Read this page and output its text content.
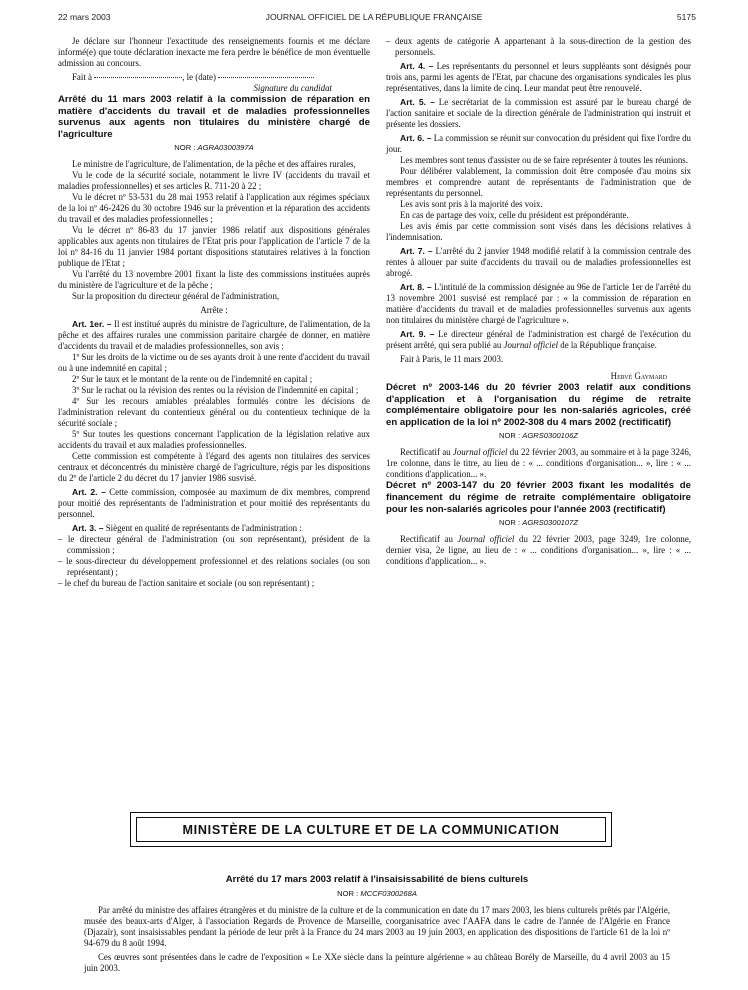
JOURNAL OFFICIEL DE LA RÉPUBLIQUE FRANÇAISE
22 mars 2003	5175

Je déclare sur l'honneur l'exactitude des renseignements fournis et me déclare informé(e) que toute déclaration inexacte me fera perdre le bénéfice de mon éventuelle admission au concours.

Fait à	, le (date)

Signature du candidat

Arrêté du 11 mars 2003 relatif à la commission de réparation en matière d'accidents du travail et de maladies professionnelles survenus aux agents non titulaires du ministère chargé de l'agriculture

NOR : AGRA0300397A

Le ministre de l'agriculture, de l'alimentation, de la pêche et des affaires rurales,

Vu le code de la sécurité sociale, notamment le livre IV (accidents du travail et maladies professionnelles) et ses articles R. 711-20 à 22 ;

Vu le décret nº 53-531 du 28 mai 1953 relatif à l'application aux régimes spéciaux de la loi nº 46-2426 du 30 octobre 1946 sur la prévention et la réparation des accidents du travail et des maladies professionnelles ;

Vu le décret nº 86-83 du 17 janvier 1986 relatif aux dispositions générales applicables aux agents non titulaires de l'Etat pris pour l'application de l'article 7 de la loi nº 84-16 du 11 janvier 1984 portant dispositions statutaires relatives à la fonction publique de l'Etat ;

Vu l'arrêté du 13 novembre 2001 fixant la liste des commissions instituées auprès du ministère de l'agriculture et de la pêche ;

Sur la proposition du directeur général de l'administration,

Arrête :

Art. 1er. – Il est institué auprès du ministre de l'agriculture, de l'alimentation, de la pêche et des affaires rurales une commission paritaire chargée de donner, en matière d'accidents du travail et de maladies professionnelles, son avis :

1º Sur les droits de la victime ou de ses ayants droit à une rente d'accident du travail ou à une indemnité en capital ;

2º Sur le taux et le montant de la rente ou de l'indemnité en capital ;

3º Sur le rachat ou la révision des rentes ou la révision de l'indemnité en capital ;

4º Sur les recours amiables préalables formulés contre les décisions de l'administration relevant du contentieux général ou du contentieux technique de la sécurité sociale ;

5º Sur toutes les questions concernant l'application de la législation relative aux accidents du travail et aux maladies professionnelles.

Cette commission est compétente à l'égard des agents non titulaires des services centraux et déconcentrés du ministère chargé de l'agriculture, régis par les dispositions du 2º de l'article 2 du décret du 17 janvier 1986 susvisé.

Art. 2. – Cette commission, composée au maximum de dix membres, comprend pour moitié des représentants de l'administration et pour moitié des représentants du personnel.

Art. 3. – Siègent en qualité de représentants de l'administration :

– le directeur général de l'administration (ou son représentant), président de la commission ;

– le sous-directeur du développement professionnel et des relations sociales (ou son représentant) ;

– le chef du bureau de l'action sanitaire et sociale (ou son représentant) ;

– deux agents de catégorie A appartenant à la sous-direction de la gestion des personnels.

Art. 4. – Les représentants du personnel et leurs suppléants sont désignés pour trois ans, parmi les agents de l'Etat, par chacune des organisations syndicales les plus représentatives, dans la limite de cinq. Leur mandat peut être renouvelé.

Art. 5. – Le secrétariat de la commission est assuré par le bureau chargé de l'action sanitaire et sociale de la direction générale de l'administration qui instruit et présente les dossiers.

Art. 6. – La commission se réunit sur convocation du président qui fixe l'ordre du jour.

Les membres sont tenus d'assister ou de se faire représenter à toutes les réunions.

Pour délibérer valablement, la commission doit être composée d'au moins six membres et comprendre autant de représentants de l'administration que de représentants du personnel.

Les avis sont pris à la majorité des voix.

En cas de partage des voix, celle du président est prépondérante.

Les avis émis par cette commission sont visés dans les décisions relatives à l'indemnisation.

Art. 7. – L'arrêté du 2 janvier 1948 modifié relatif à la commission centrale des rentes à allouer par suite d'accidents du travail ou de maladies professionnelles est abrogé.

Art. 8. – L'intitulé de la commission désignée au 96e de l'article 1er de l'arrêté du 13 novembre 2001 susvisé est remplacé par : « la commission de réparation en matière d'accidents du travail et de maladies professionnelles survenus aux agents non titulaires du ministère chargé de l'agriculture ».

Art. 9. – Le directeur général de l'administration est chargé de l'exécution du présent arrêté, qui sera publié au Journal officiel de la République française.

Fait à Paris, le 11 mars 2003.

Hervé Gaymard

Décret nº 2003-146 du 20 février 2003 relatif aux conditions d'application et à l'organisation du régime de retraite complémentaire obligatoire pour les non-salariés agricoles, créé en application de la loi nº 2002-308 du 4 mars 2002 (rectificatif)

NOR : AGRS0300106Z

Rectificatif au Journal officiel du 22 février 2003, au sommaire et à la page 3246, 1re colonne, dans le titre, au lieu de : « ... conditions d'organisation... », lire : « ... conditions d'application... ».

Décret nº 2003-147 du 20 février 2003 fixant les modalités de financement du régime de retraite complémentaire obligatoire pour les non-salariés agricoles pour l'année 2003 (rectificatif)

NOR : AGRS0300107Z

Rectificatif au Journal officiel du 22 février 2003, page 3249, 1re colonne, dernier visa, 2e ligne, au lieu de : « ... conditions d'organisation... », lire : « ... conditions d'application... ».

MINISTÈRE DE LA CULTURE ET DE LA COMMUNICATION

Arrêté du 17 mars 2003 relatif à l'insaisissabilité de biens culturels

NOR : MCCF0300268A

Par arrêté du ministre des affaires étrangères et du ministre de la culture et de la communication en date du 17 mars 2003, les biens culturels prêtés par l'Algérie, musée des beaux-arts d'Alger, à l'association Regards de Provence de Marseille, coorganisatrice avec l'AAFA dans le cadre de l'année de l'Algérie en France (Djazaïr), sont insaisissables pendant la période de leur prêt à la France du 24 mars 2003 au 19 juin 2003, en application des dispositions de l'article 61 de la loi nº 94-679 du 8 août 1994.

Ces œuvres sont présentées dans le cadre de l'exposition « Le XXe siècle dans la peinture algérienne » au château Borély de Marseille, du 4 avril 2003 au 15 juin 2003.
